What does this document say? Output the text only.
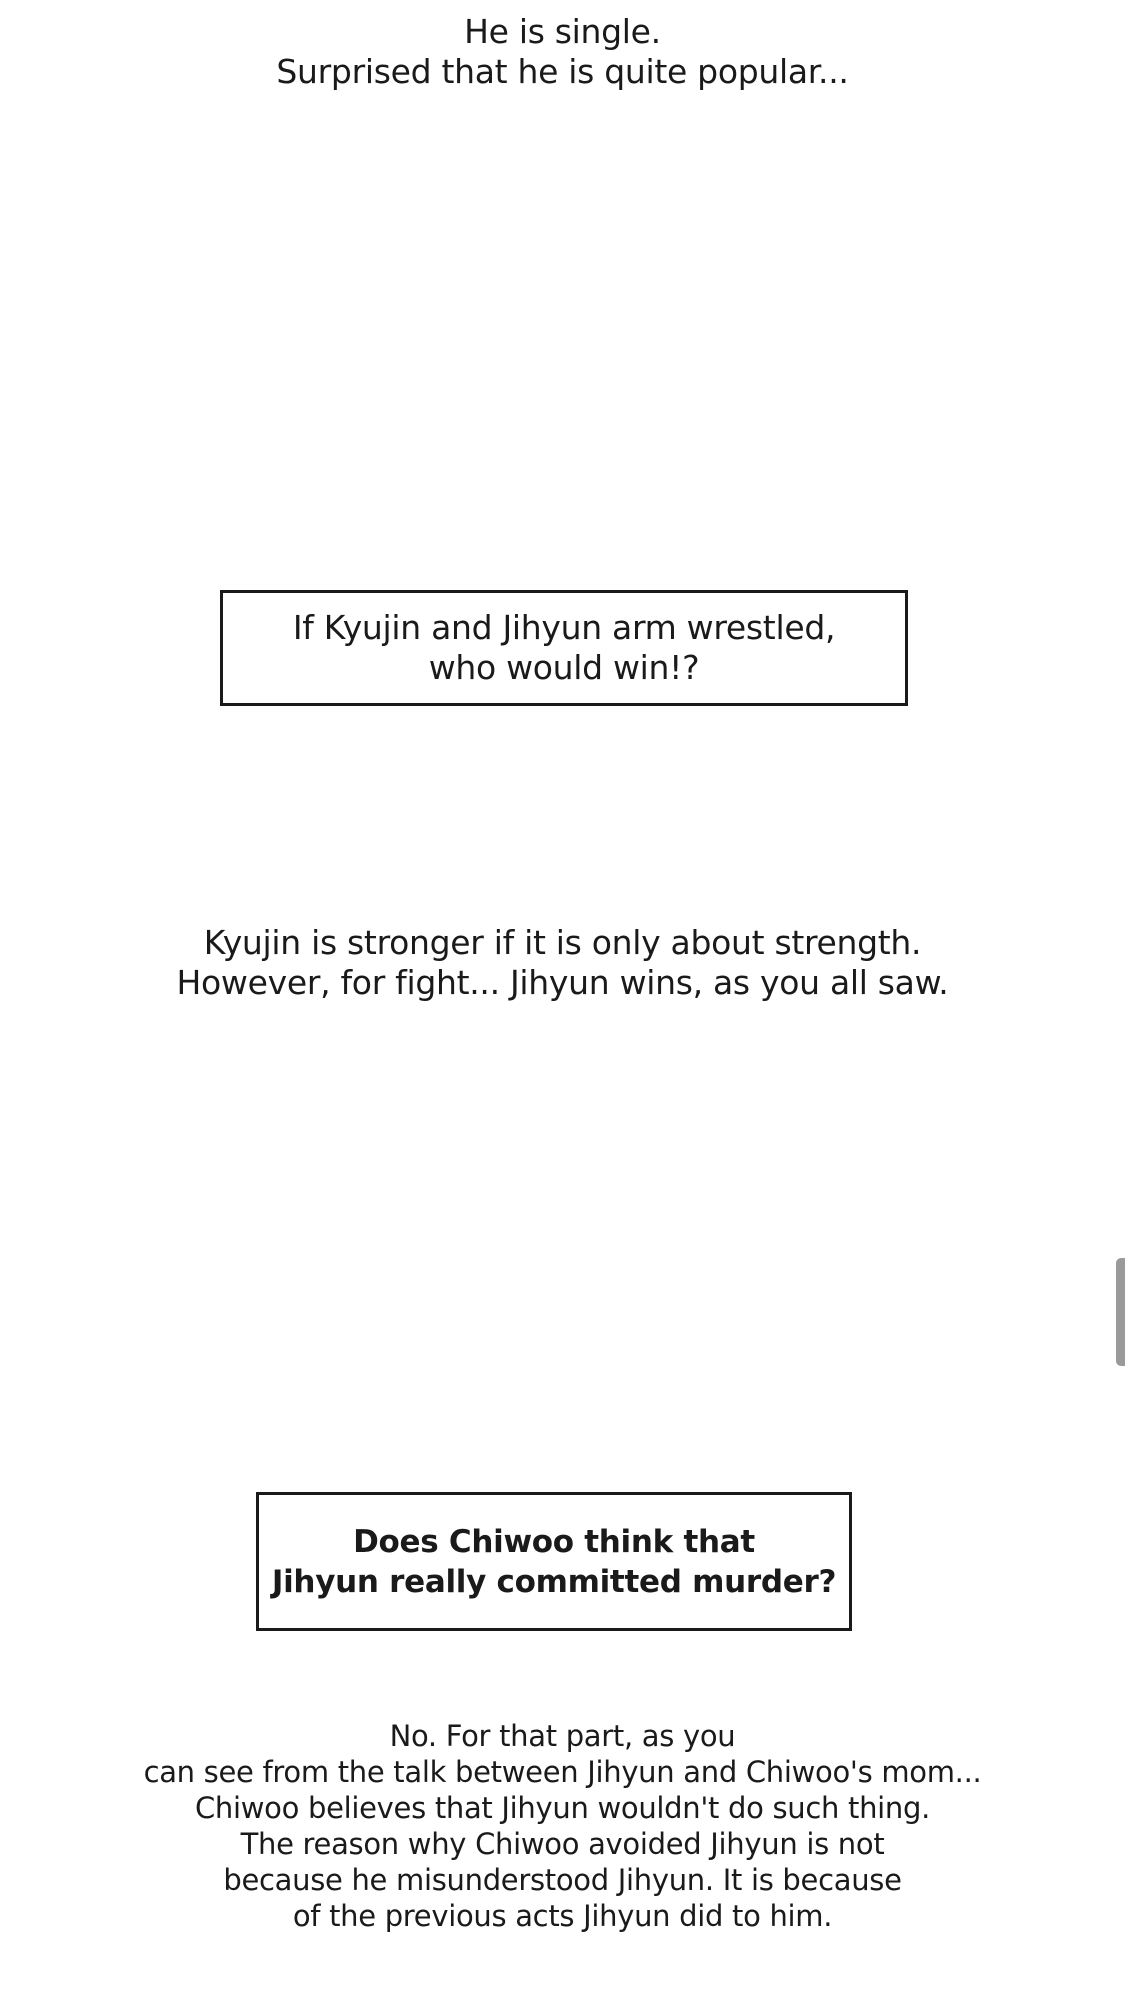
He is single.
Surprised that he is quite popular...
If Kyujin and Jihyun arm wrestled,
who would win!?
Kyujin is stronger if it is only about strength.
However, for fight... Jihyun wins, as you all saw.
Does Chiwoo think that
Jihyun really committed murder?
No. For that part, as you
can see from the talk between Jihyun and Chiwoo's mom...
Chiwoo believes that Jihyun wouldn't do such thing.
The reason why Chiwoo avoided Jihyun is not
because he misunderstood Jihyun. It is because
of the previous acts Jihyun did to him.
